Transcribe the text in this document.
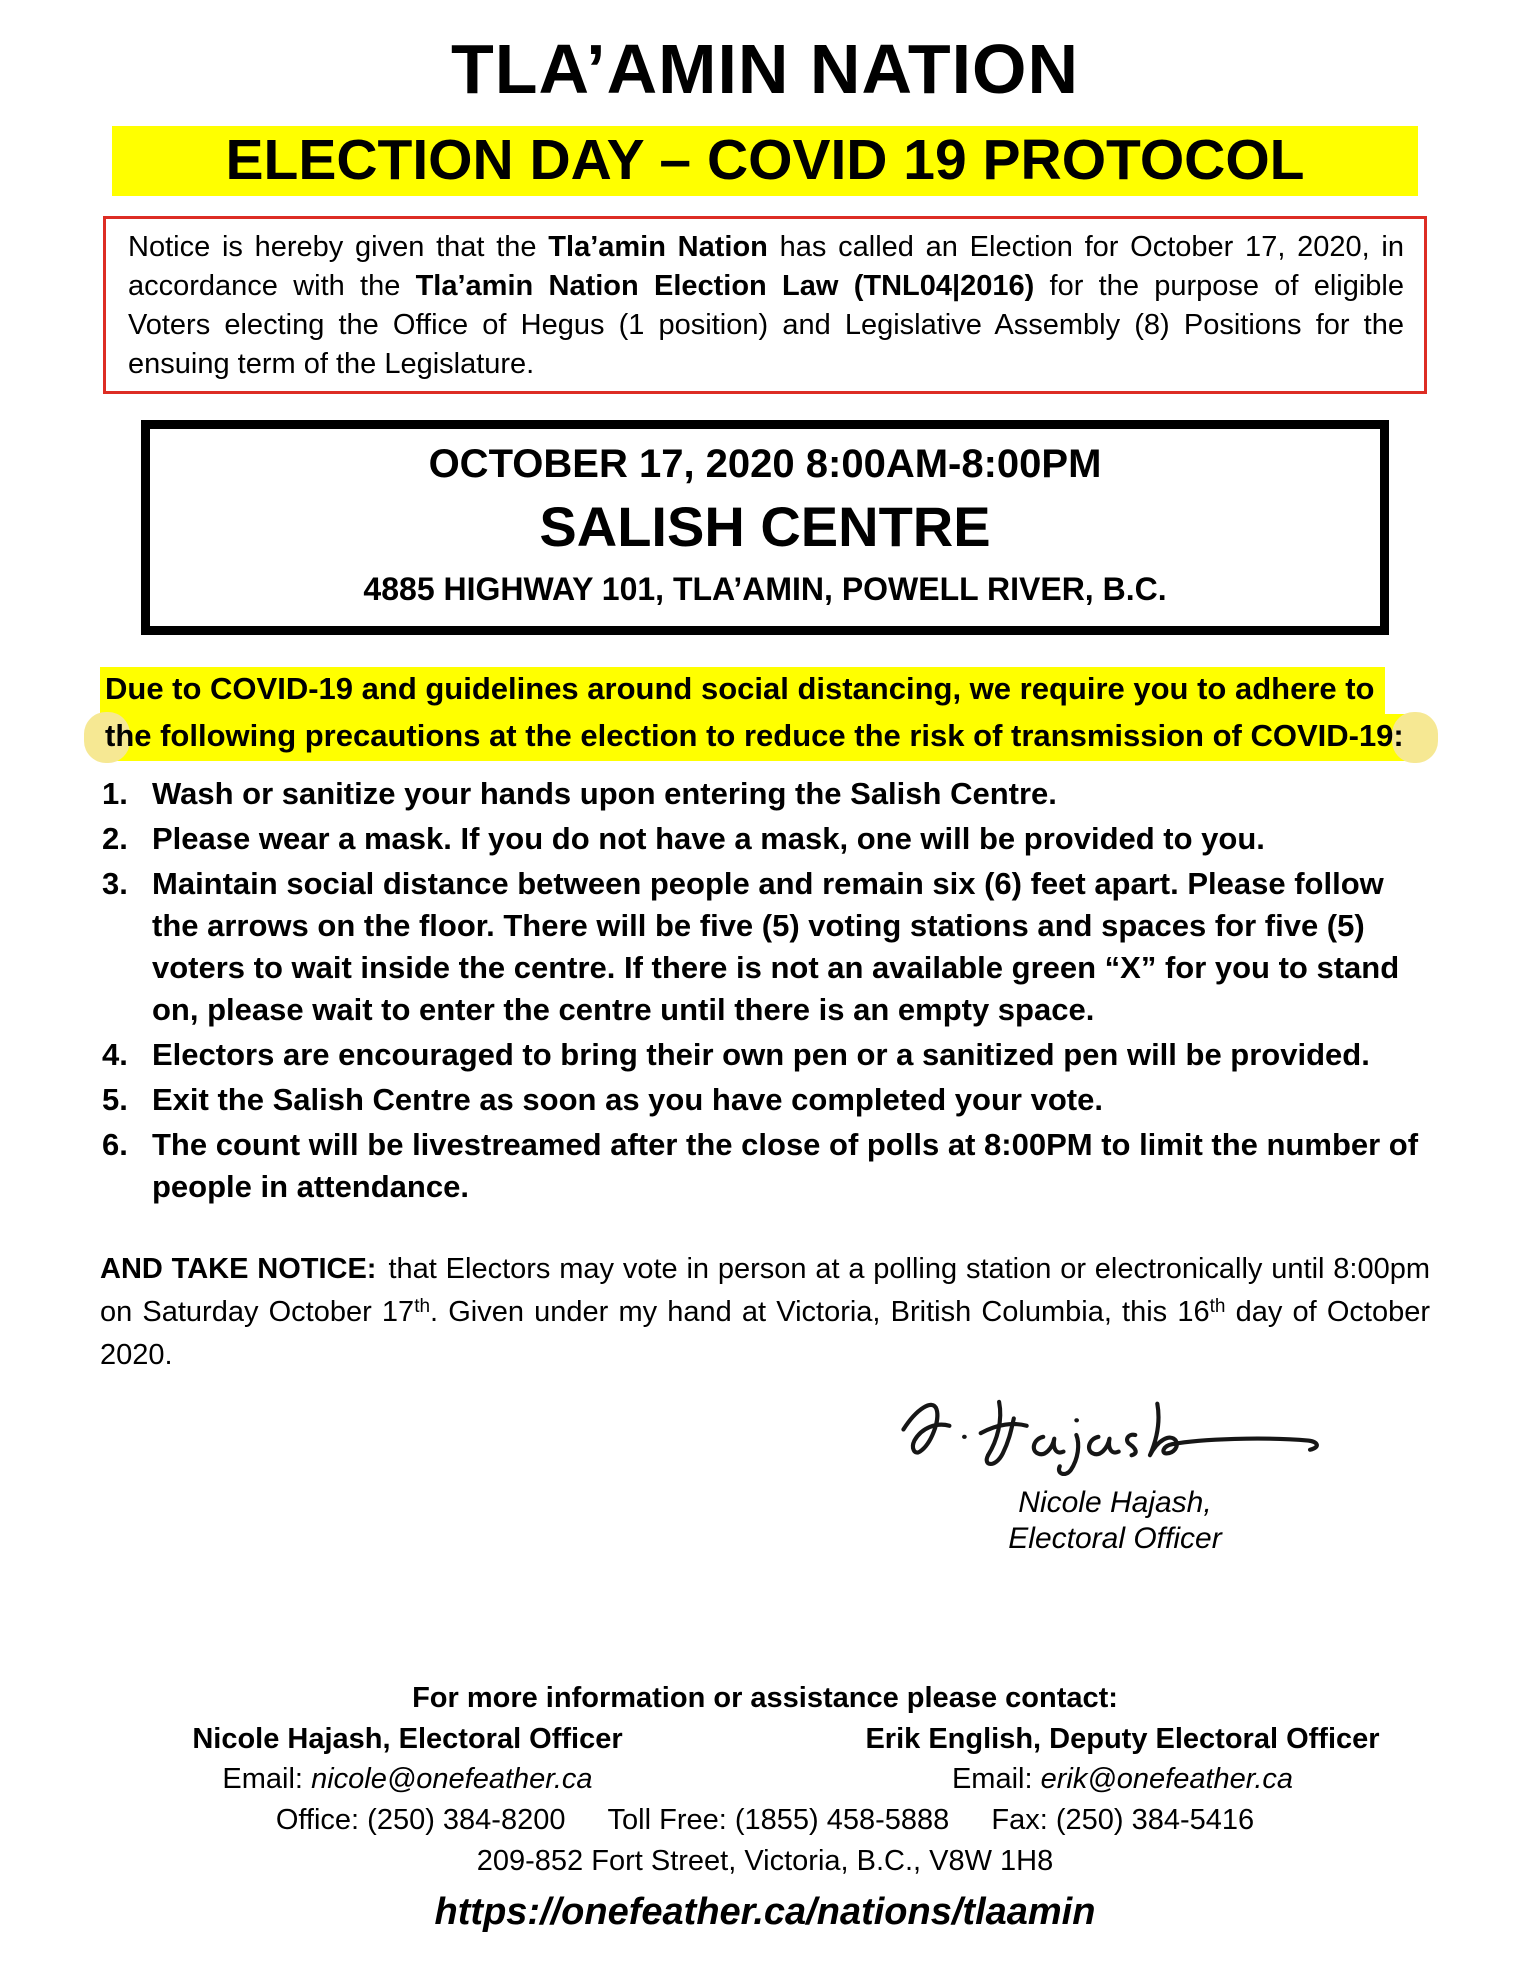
TLA’AMIN NATION
ELECTION DAY – COVID 19 PROTOCOL
Notice is hereby given that the Tla’amin Nation has called an Election for October 17, 2020, in accordance with the Tla’amin Nation Election Law (TNL04|2016) for the purpose of eligible Voters electing the Office of Hegus (1 position) and Legislative Assembly (8) Positions for the ensuing term of the Legislature.
OCTOBER 17, 2020 8:00AM-8:00PM
SALISH CENTRE
4885 HIGHWAY 101, TLA’AMIN, POWELL RIVER, B.C.
Due to COVID-19 and guidelines around social distancing, we require you to adhere to

the following precautions at the election to reduce the risk of transmission of COVID-19:
1. Wash or sanitize your hands upon entering the Salish Centre.
2. Please wear a mask. If you do not have a mask, one will be provided to you.
3. Maintain social distance between people and remain six (6) feet apart. Please follow the arrows on the floor. There will be five (5) voting stations and spaces for five (5) voters to wait inside the centre. If there is not an available green “X” for you to stand on, please wait to enter the centre until there is an empty space.
4. Electors are encouraged to bring their own pen or a sanitized pen will be provided.
5. Exit the Salish Centre as soon as you have completed your vote.
6. The count will be livestreamed after the close of polls at 8:00PM to limit the number of people in attendance.
AND TAKE NOTICE: that Electors may vote in person at a polling station or electronically until 8:00pm on Saturday October 17th. Given under my hand at Victoria, British Columbia, this 16th day of October 2020.
Nicole Hajash,
Electoral Officer
For more information or assistance please contact:
Nicole Hajash, Electoral Officer
Email: nicole@onefeather.ca
Erik English, Deputy Electoral Officer
Email: erik@onefeather.ca
Office: (250) 384-8200 Toll Free: (1855) 458-5888 Fax: (250) 384-5416
209-852 Fort Street, Victoria, B.C., V8W 1H8
https://onefeather.ca/nations/tlaamin
